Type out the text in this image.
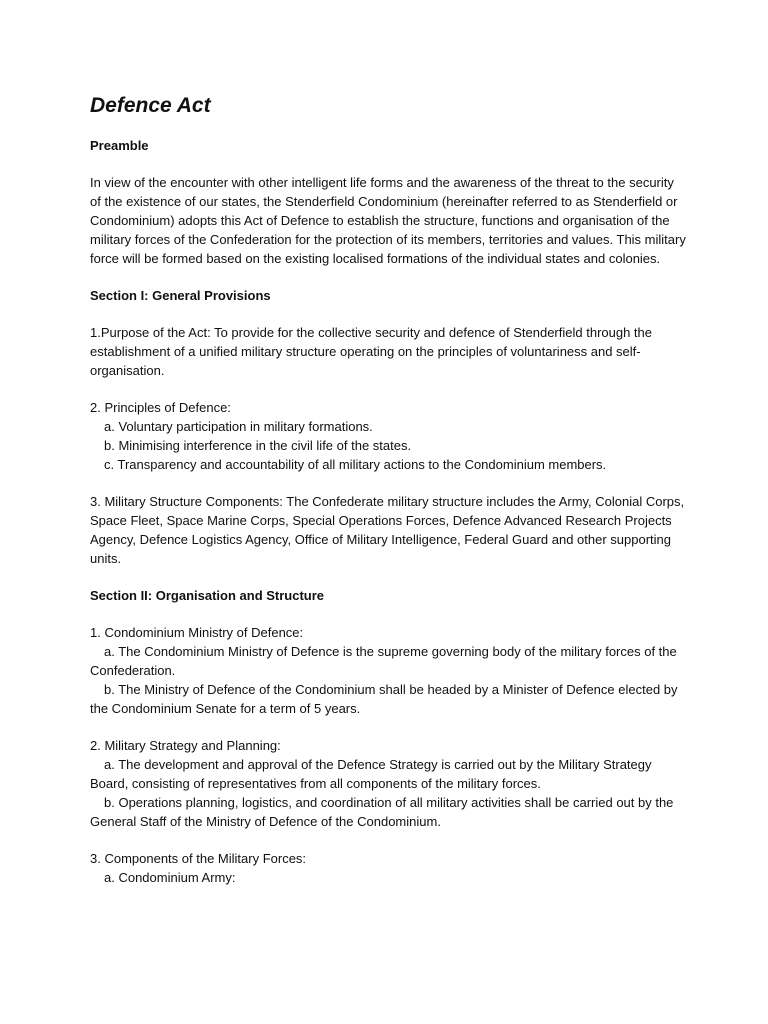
Defence Act

Preamble

In view of the encounter with other intelligent life forms and the awareness of the threat to the security of the existence of our states, the Stenderfield Condominium (hereinafter referred to as Stenderfield or Condominium) adopts this Act of Defence to establish the structure, functions and organisation of the military forces of the Confederation for the protection of its members, territories and values. This military force will be formed based on the existing localised formations of the individual states and colonies.

Section I: General Provisions

1.Purpose of the Act: To provide for the collective security and defence of Stenderfield through the establishment of a unified military structure operating on the principles of voluntariness and self-organisation.

2. Principles of Defence:

a. Voluntary participation in military formations.

b. Minimising interference in the civil life of the states.

c. Transparency and accountability of all military actions to the Condominium members.

3. Military Structure Components: The Confederate military structure includes the Army, Colonial Corps, Space Fleet, Space Marine Corps, Special Operations Forces, Defence Advanced Research Projects Agency, Defence Logistics Agency, Office of Military Intelligence, Federal Guard and other supporting units.

Section II: Organisation and Structure

1. Condominium Ministry of Defence:

a. The Condominium Ministry of Defence is the supreme governing body of the military forces of the Confederation.

b. The Ministry of Defence of the Condominium shall be headed by a Minister of Defence elected by the Condominium Senate for a term of 5 years.

2. Military Strategy and Planning:

a. The development and approval of the Defence Strategy is carried out by the Military Strategy Board, consisting of representatives from all components of the military forces.

b. Operations planning, logistics, and coordination of all military activities shall be carried out by the General Staff of the Ministry of Defence of the Condominium.

3. Components of the Military Forces:

a. Condominium Army:
